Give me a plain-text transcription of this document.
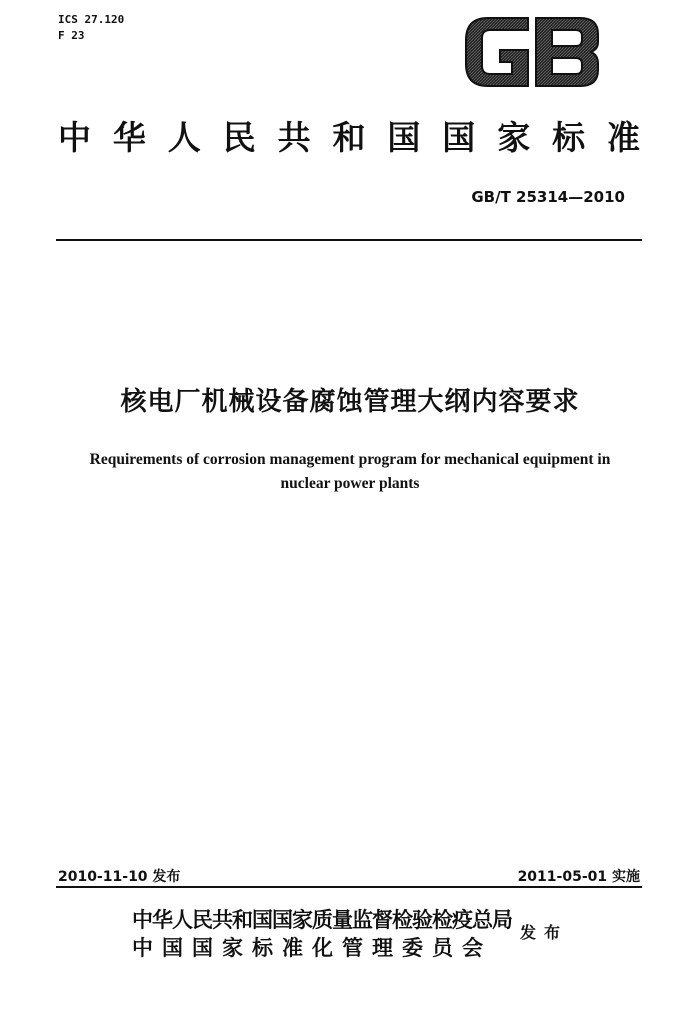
ICS 27.120
F 23
中华人民共和国国家标准
GB/T 25314—2010
核电厂机械设备腐蚀管理大纲内容要求
Requirements of corrosion management program for mechanical equipment in
nuclear power plants
2010-11-10 发布	2011-05-01 实施
中华人民共和国国家质量监督检验检疫总局
中国国家标准化管理委员会
发布
